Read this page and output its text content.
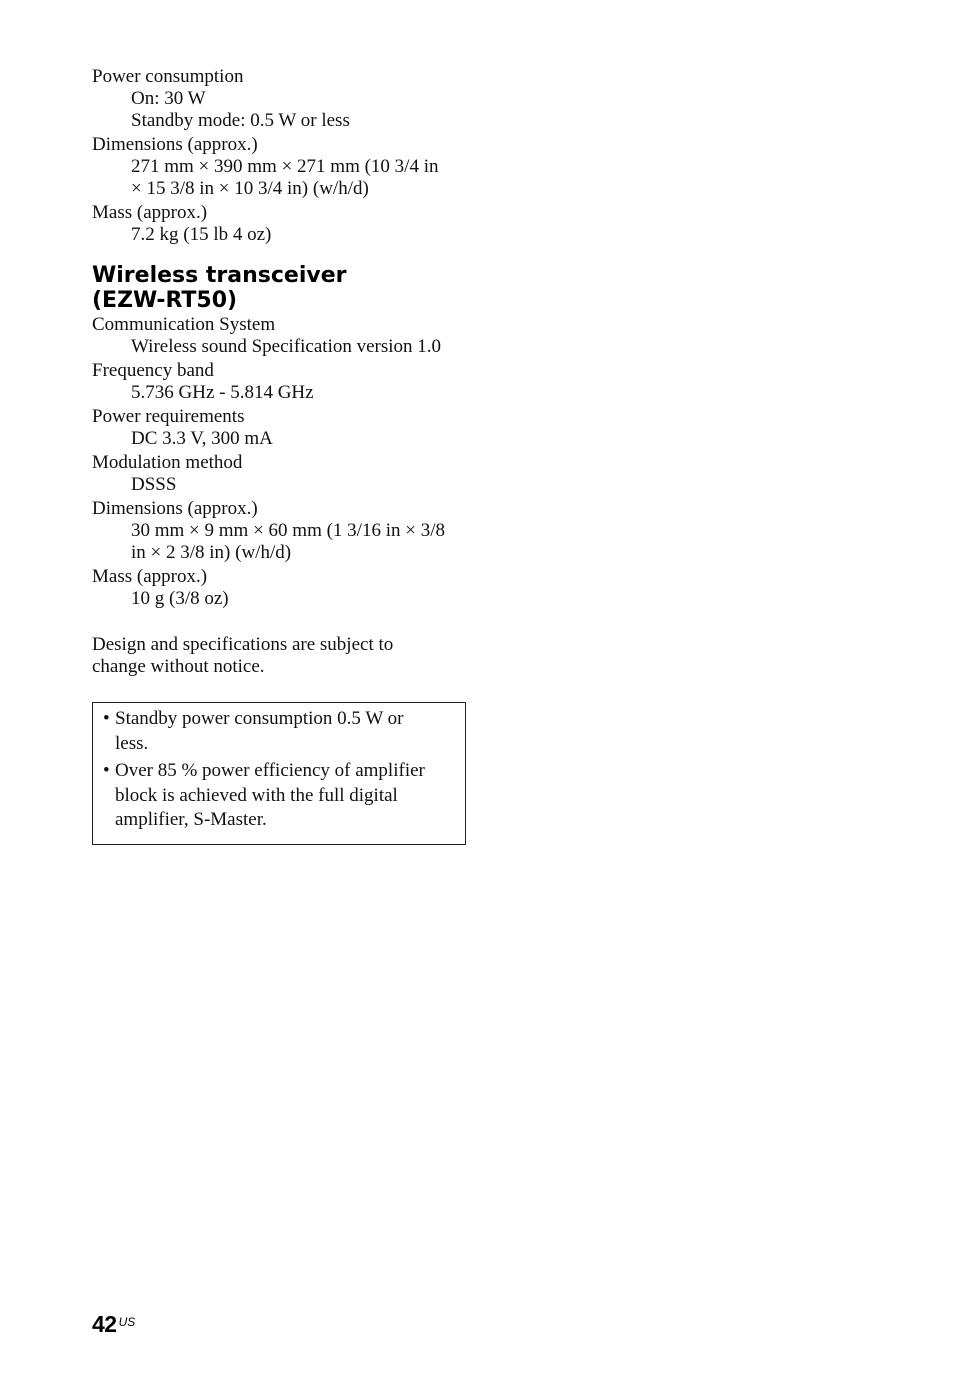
Power consumption
On: 30 W
Standby mode: 0.5 W or less
Dimensions (approx.)
271 mm × 390 mm × 271 mm (10 3/4 in
× 15 3/8 in × 10 3/4 in) (w/h/d)
Mass (approx.)
7.2 kg (15 lb 4 oz)
Wireless transceiver
(EZW-RT50)
Communication System
Wireless sound Specification version 1.0
Frequency band
5.736 GHz - 5.814 GHz
Power requirements
DC 3.3 V, 300 mA
Modulation method
DSSS
Dimensions (approx.)
30 mm × 9 mm × 60 mm (1 3/16 in × 3/8
in × 2 3/8 in) (w/h/d)
Mass (approx.)
10 g (3/8 oz)
Design and specifications are subject to
change without notice.
• Standby power consumption 0.5 W or
less.
• Over 85 % power efficiency of amplifier
block is achieved with the full digital
amplifier, S-Master.
42 $^{US}$
